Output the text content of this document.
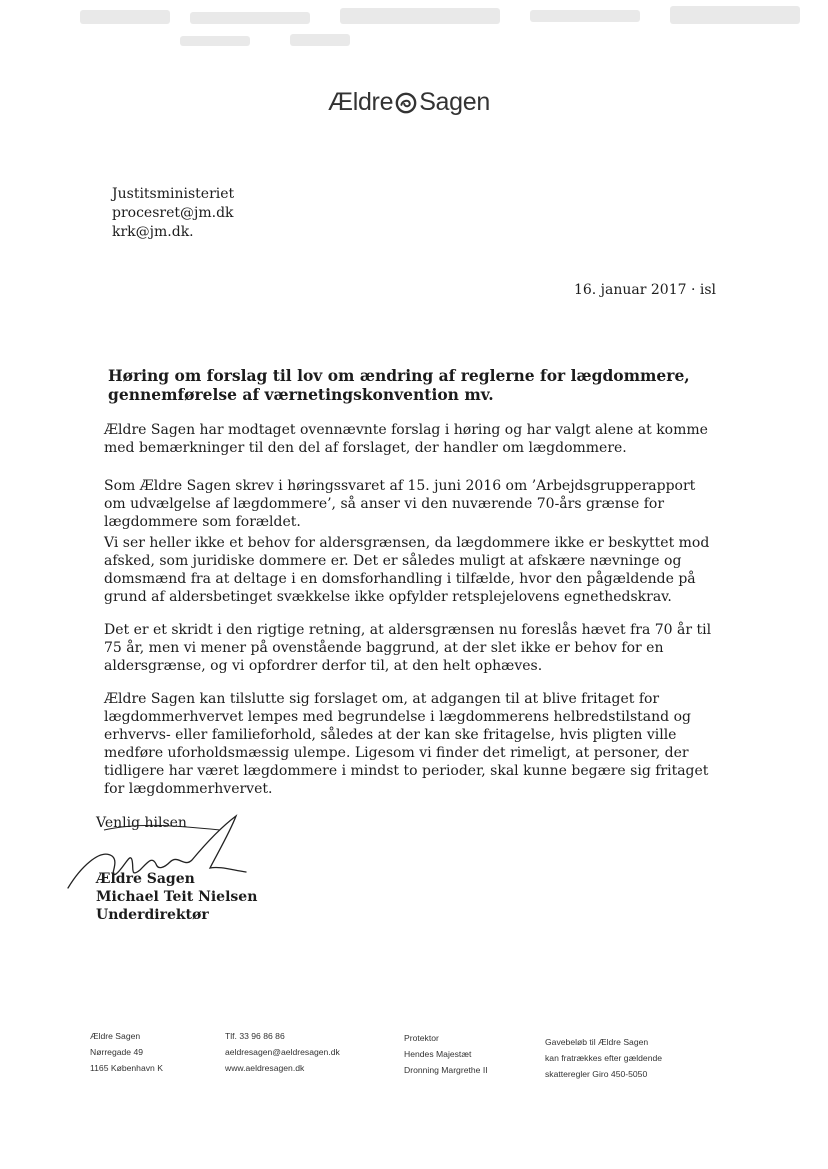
Ældre Sagen
Justitsministeriet
procesret@jm.dk
krk@jm.dk.
16. januar 2017 · isl
Høring om forslag til lov om ændring af reglerne for lægdommere, gennemførelse af værnetingskonvention mv.
Ældre Sagen har modtaget ovennævnte forslag i høring og har valgt alene at komme med bemærkninger til den del af forslaget, der handler om lægdommere.
Som Ældre Sagen skrev i høringssvaret af 15. juni 2016 om ’Arbejdsgrupperapport om udvælgelse af lægdommere’, så anser vi den nuværende 70-års grænse for lægdommere som forældet.
Vi ser heller ikke et behov for aldersgrænsen, da lægdommere ikke er beskyttet mod afsked, som juridiske dommere er. Det er således muligt at afskære nævninge og domsmænd fra at deltage i en domsforhandling i tilfælde, hvor den pågældende på grund af aldersbetinget svækkelse ikke opfylder retsplejelovens egnethedskrav.
Det er et skridt i den rigtige retning, at aldersgrænsen nu foreslås hævet fra 70 år til 75 år, men vi mener på ovenstående baggrund, at der slet ikke er behov for en aldersgrænse, og vi opfordrer derfor til, at den helt ophæves.
Ældre Sagen kan tilslutte sig forslaget om, at adgangen til at blive fritaget for lægdommerhvervet lempes med begrundelse i lægdommerens helbredstilstand og erhvervs- eller familieforhold, således at der kan ske fritagelse, hvis pligten ville medføre uforholdsmæssig ulempe. Ligesom vi finder det rimeligt, at personer, der tidligere har været lægdommere i mindst to perioder, skal kunne begære sig fritaget for lægdommerhvervet.
Venlig hilsen
Ældre Sagen
Michael Teit Nielsen
Underdirektør
Ældre Sagen
Nørregade 49
1165 København K
Tlf. 33 96 86 86
aeldresagen@aeldresagen.dk
www.aeldresagen.dk
Protektor
Hendes Majestæt
Dronning Margrethe II
Gavebeløb til Ældre Sagen
kan fratrækkes efter gældende
skatteregler Giro 450-5050
